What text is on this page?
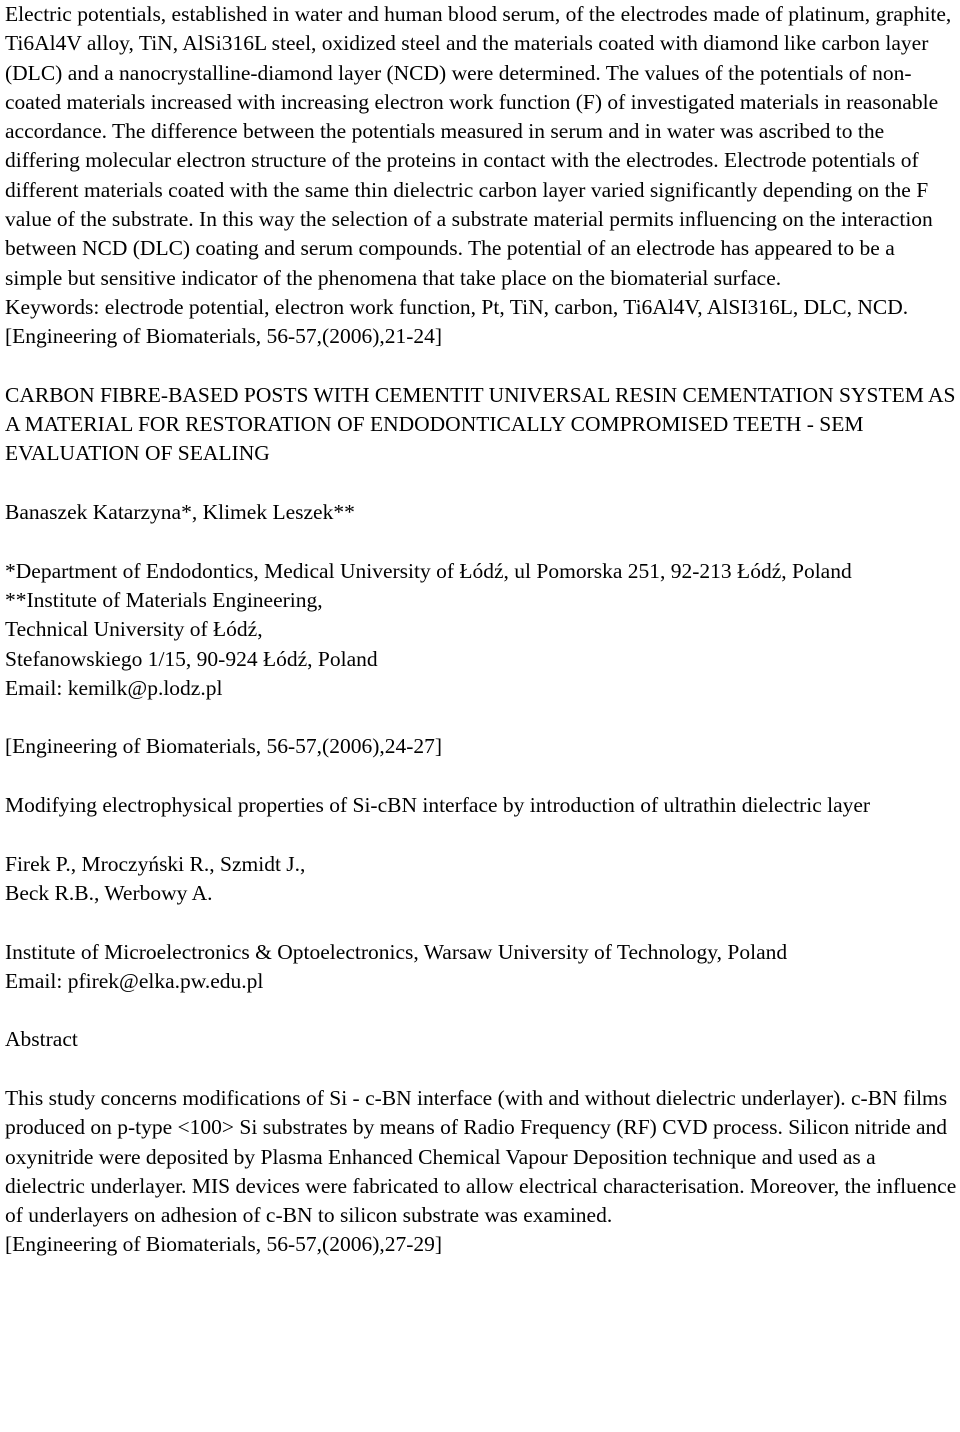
Electric potentials, established in water and human blood serum, of the electrodes made of platinum, graphite, Ti6Al4V alloy, TiN, AlSi316L steel, oxidized steel and the materials coated with diamond like carbon layer (DLC) and a nanocrystalline-diamond layer (NCD) were determined. The values of the potentials of non-coated materials increased with increasing electron work function (F) of investigated materials in reasonable accordance. The difference between the potentials measured in serum and in water was ascribed to the differing molecular electron structure of the proteins in contact with the electrodes. Electrode potentials of different materials coated with the same thin dielectric carbon layer varied significantly depending on the F value of the substrate. In this way the selection of a substrate material permits influencing on the interaction between NCD (DLC) coating and serum compounds. The potential of an electrode has appeared to be a simple but sensitive indicator of the phenomena that take place on the biomaterial surface.

Keywords: electrode potential, electron work function, Pt, TiN, carbon, Ti6Al4V, AlSI316L, DLC, NCD.

[Engineering of Biomaterials, 56-57,(2006),21-24]

CARBON FIBRE-BASED POSTS WITH CEMENTIT UNIVERSAL RESIN CEMENTATION SYSTEM AS A MATERIAL FOR RESTORATION OF ENDODONTICALLY COMPROMISED TEETH - SEM EVALUATION OF SEALING

Banaszek Katarzyna*, Klimek Leszek**

*Department of Endodontics, Medical University of Łódź, ul Pomorska 251, 92-213 Łódź, Poland

**Institute of Materials Engineering,

Technical University of Łódź,

Stefanowskiego 1/15, 90-924 Łódź, Poland

Email: kemilk@p.lodz.pl

[Engineering of Biomaterials, 56-57,(2006),24-27]

Modifying electrophysical properties of Si-cBN interface by introduction of ultrathin dielectric layer

Firek P., Mroczyński R., Szmidt J.,

Beck R.B., Werbowy A.

Institute of Microelectronics & Optoelectronics, Warsaw University of Technology, Poland

Email: pfirek@elka.pw.edu.pl

Abstract

This study concerns modifications of Si - c-BN interface (with and without dielectric underlayer). c-BN films produced on p-type <100> Si substrates by means of Radio Frequency (RF) CVD process. Silicon nitride and oxynitride were deposited by Plasma Enhanced Chemical Vapour Deposition technique and used as a dielectric underlayer. MIS devices were fabricated to allow electrical characterisation. Moreover, the influence of underlayers on adhesion of c-BN to silicon substrate was examined.

[Engineering of Biomaterials, 56-57,(2006),27-29]
